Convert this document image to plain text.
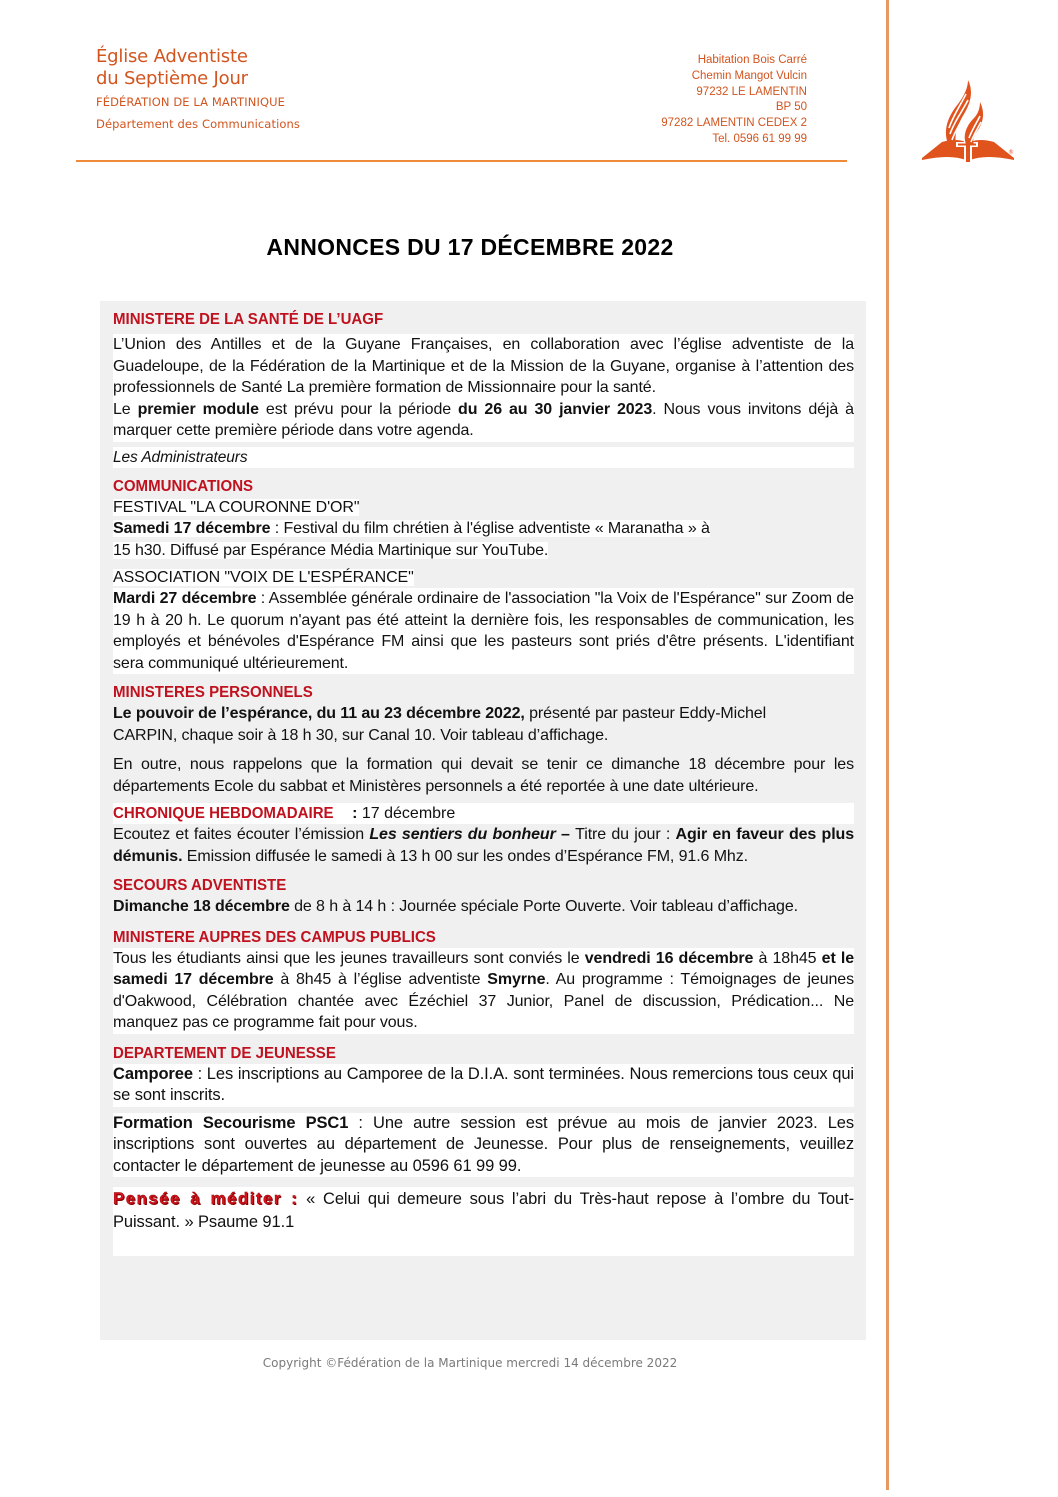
Église Adventiste
du Septième Jour
FÉDÉRATION DE LA MARTINIQUE
Département des Communications
Habitation Bois Carré
Chemin Mangot Vulcin
97232 LE LAMENTIN
BP 50
97282 LAMENTIN CEDEX 2
Tel. 0596 61 99 99
®
ANNONCES DU 17 DÉCEMBRE 2022
MINISTERE DE LA SANTÉ DE L’UAGF
L’Union des Antilles et de la Guyane Françaises, en collaboration avec l’église adventiste de la Guadeloupe, de la Fédération de la Martinique et de la Mission de la Guyane, organise à l’attention des professionnels de Santé La première formation de Missionnaire pour la santé.
Le premier module est prévu pour la période du 26 au 30 janvier 2023. Nous vous invitons déjà à marquer cette première période dans votre agenda.
Les Administrateurs
COMMUNICATIONS
FESTIVAL "LA COURONNE D'OR"
Samedi 17 décembre : Festival du film chrétien à l'église adventiste « Maranatha » à
15 h30. Diffusé par Espérance Média Martinique sur YouTube.
ASSOCIATION "VOIX DE L'ESPÉRANCE"
Mardi 27 décembre : Assemblée générale ordinaire de l'association "la Voix de l'Espérance" sur Zoom de 19 h à 20 h. Le quorum n'ayant pas été atteint la dernière fois, les responsables de communication, les employés et bénévoles d'Espérance FM ainsi que les pasteurs sont priés d'être présents. L'identifiant sera communiqué ultérieurement.
MINISTERES PERSONNELS
Le pouvoir de l’espérance, du 11 au 23 décembre 2022, présenté par pasteur Eddy-Michel CARPIN, chaque soir à 18 h 30, sur Canal 10. Voir tableau d’affichage.
En outre, nous rappelons que la formation qui devait se tenir ce dimanche 18 décembre pour les départements Ecole du sabbat et Ministères personnels a été reportée à une date ultérieure.
CHRONIQUE HEBDOMADAIRE : 17 décembre
Ecoutez et faites écouter l’émission Les sentiers du bonheur – Titre du jour : Agir en faveur des plus démunis. Emission diffusée le samedi à 13 h 00 sur les ondes d’Espérance FM, 91.6 Mhz.
SECOURS ADVENTISTE
Dimanche 18 décembre de 8 h à 14 h : Journée spéciale Porte Ouverte. Voir tableau d’affichage.
MINISTERE AUPRES DES CAMPUS PUBLICS
Tous les étudiants ainsi que les jeunes travailleurs sont conviés le vendredi 16 décembre à 18h45 et le samedi 17 décembre à 8h45 à l’église adventiste Smyrne. Au programme : Témoignages de jeunes d'Oakwood, Célébration chantée avec Ézéchiel 37 Junior, Panel de discussion, Prédication... Ne manquez pas ce programme fait pour vous.
DEPARTEMENT DE JEUNESSE
Camporee : Les inscriptions au Camporee de la D.I.A. sont terminées. Nous remercions tous ceux qui se sont inscrits.
Formation Secourisme PSC1 : Une autre session est prévue au mois de janvier 2023. Les inscriptions sont ouvertes au département de Jeunesse. Pour plus de renseignements, veuillez contacter le département de jeunesse au 0596 61 99 99.
Pensée à méditer : « Celui qui demeure sous l’abri du Très-haut repose à l’ombre du Tout-Puissant. » Psaume 91.1
Copyright ©Fédération de la Martinique mercredi 14 décembre 2022
